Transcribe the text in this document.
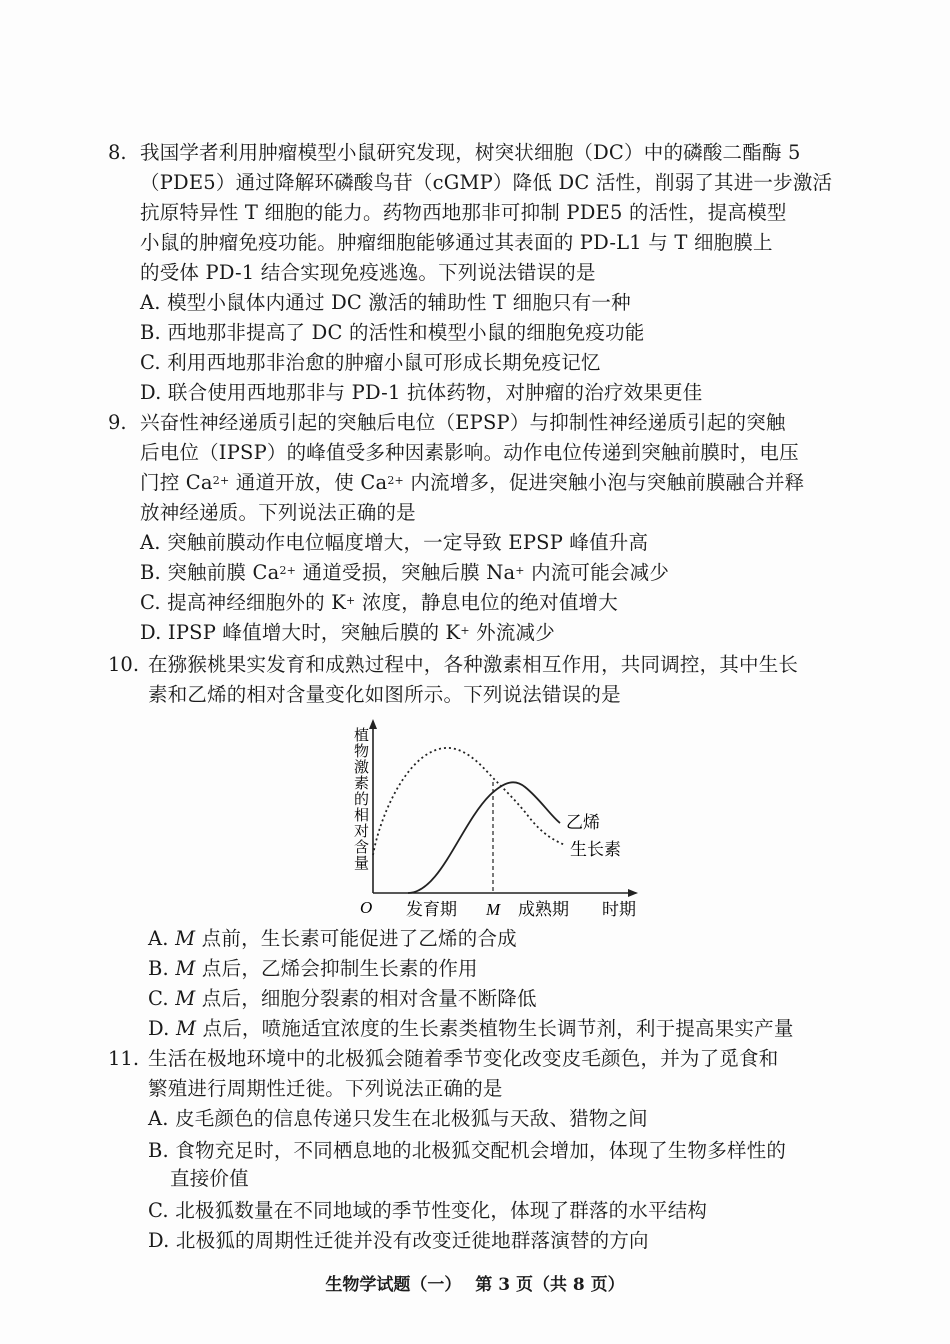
8. 我国学者利用肿瘤模型小鼠研究发现，树突状细胞（DC）中的磷酸二酯酶 5
（PDE5）通过降解环磷酸鸟苷（cGMP）降低 DC 活性，削弱了其进一步激活
抗原特异性 T 细胞的能力。药物西地那非可抑制 PDE5 的活性，提高模型
小鼠的肿瘤免疫功能。肿瘤细胞能够通过其表面的 PD-L1 与 T 细胞膜上
的受体 PD-1 结合实现免疫逃逸。下列说法错误的是
A. 模型小鼠体内通过 DC 激活的辅助性 T 细胞只有一种
B. 西地那非提高了 DC 的活性和模型小鼠的细胞免疫功能
C. 利用西地那非治愈的肿瘤小鼠可形成长期免疫记忆
D. 联合使用西地那非与 PD-1 抗体药物，对肿瘤的治疗效果更佳
9. 兴奋性神经递质引起的突触后电位（EPSP）与抑制性神经递质引起的突触
后电位（IPSP）的峰值受多种因素影响。动作电位传递到突触前膜时，电压
门控 $Ca^{2+}$ 通道开放，使 $Ca^{2+}$ 内流增多，促进突触小泡与突触前膜融合并释
放神经递质。下列说法正确的是
A. 突触前膜动作电位幅度增大，一定导致 EPSP 峰值升高
B. 突触前膜 $Ca^{2+}$ 通道受损，突触后膜 Na+ 内流可能会减少
C. 提高神经细胞外的 K+ 浓度，静息电位的绝对值增大
D. IPSP 峰值增大时，突触后膜的 K+ 外流减少
10. 在猕猴桃果实发育和成熟过程中，各种激素相互作用，共同调控，其中生长
素和乙烯的相对含量变化如图所示。下列说法错误的是
植物激素的相对含量	乙烯
生长素
O 发育期 M 成熟期 时期
A. M 点前，生长素可能促进了乙烯的合成
B. M 点后，乙烯会抑制生长素的作用
C. M 点后，细胞分裂素的相对含量不断降低
D. M 点后，喷施适宜浓度的生长素类植物生长调节剂，利于提高果实产量
11. 生活在极地环境中的北极狐会随着季节变化改变皮毛颜色，并为了觅食和
繁殖进行周期性迁徙。下列说法正确的是
A. 皮毛颜色的信息传递只发生在北极狐与天敌、猎物之间
B. 食物充足时，不同栖息地的北极狐交配机会增加，体现了生物多样性的
直接价值
C. 北极狐数量在不同地域的季节性变化，体现了群落的水平结构
D. 北极狐的周期性迁徙并没有改变迁徙地群落演替的方向
生物学试题（一） 第 3 页（共 8 页）
